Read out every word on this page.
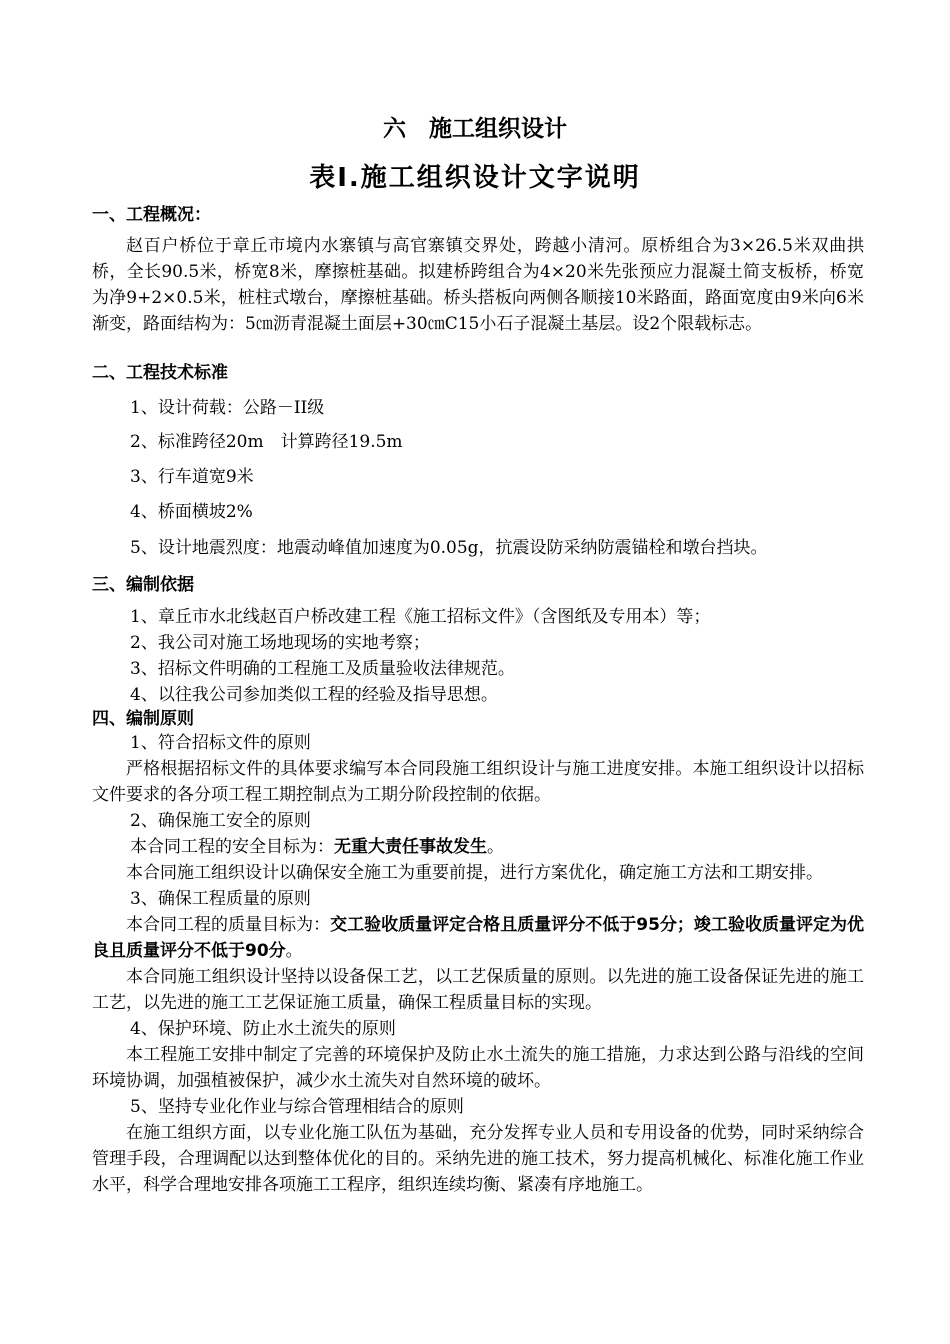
六　施工组织设计
表Ⅰ.施工组织设计文字说明
一、工程概况：

赵百户桥位于章丘市境内水寨镇与高官寨镇交界处，跨越小清河。原桥组合为3×26.5米双曲拱桥，全长90.5米，桥宽8米，摩擦桩基础。拟建桥跨组合为4×20米先张预应力混凝土简支板桥，桥宽为净9+2×0.5米，桩柱式墩台，摩擦桩基础。桥头搭板向两侧各顺接10米路面，路面宽度由9米向6米渐变，路面结构为：5㎝沥青混凝土面层+30㎝C15小石子混凝土基层。设2个限载标志。

二、工程技术标准
1、设计荷载：公路－II级
2、标准跨径20m　计算跨径19.5m
3、行车道宽9米
4、桥面横坡2%
5、设计地震烈度：地震动峰值加速度为0.05g，抗震设防采纳防震锚栓和墩台挡块。
三、编制依据

1、章丘市水北线赵百户桥改建工程《施工招标文件》（含图纸及专用本）等；

2、我公司对施工场地现场的实地考察；

3、招标文件明确的工程施工及质量验收法律规范。

4、以往我公司参加类似工程的经验及指导思想。

四、编制原则

1、符合招标文件的原则

严格根据招标文件的具体要求编写本合同段施工组织设计与施工进度安排。本施工组织设计以招标文件要求的各分项工程工期控制点为工期分阶段控制的依据。

2、确保施工安全的原则

本合同工程的安全目标为：无重大责任事故发生。

本合同施工组织设计以确保安全施工为重要前提，进行方案优化，确定施工方法和工期安排。

3、确保工程质量的原则

本合同工程的质量目标为：交工验收质量评定合格且质量评分不低于95分；竣工验收质量评定为优良且质量评分不低于90分。

本合同施工组织设计坚持以设备保工艺，以工艺保质量的原则。以先进的施工设备保证先进的施工工艺，以先进的施工工艺保证施工质量，确保工程质量目标的实现。

4、保护环境、防止水土流失的原则

本工程施工安排中制定了完善的环境保护及防止水土流失的施工措施，力求达到公路与沿线的空间环境协调，加强植被保护，减少水土流失对自然环境的破坏。

5、坚持专业化作业与综合管理相结合的原则

在施工组织方面，以专业化施工队伍为基础，充分发挥专业人员和专用设备的优势，同时采纳综合管理手段，合理调配以达到整体优化的目的。采纳先进的施工技术，努力提高机械化、标准化施工作业水平，科学合理地安排各项施工工程序，组织连续均衡、紧凑有序地施工。
